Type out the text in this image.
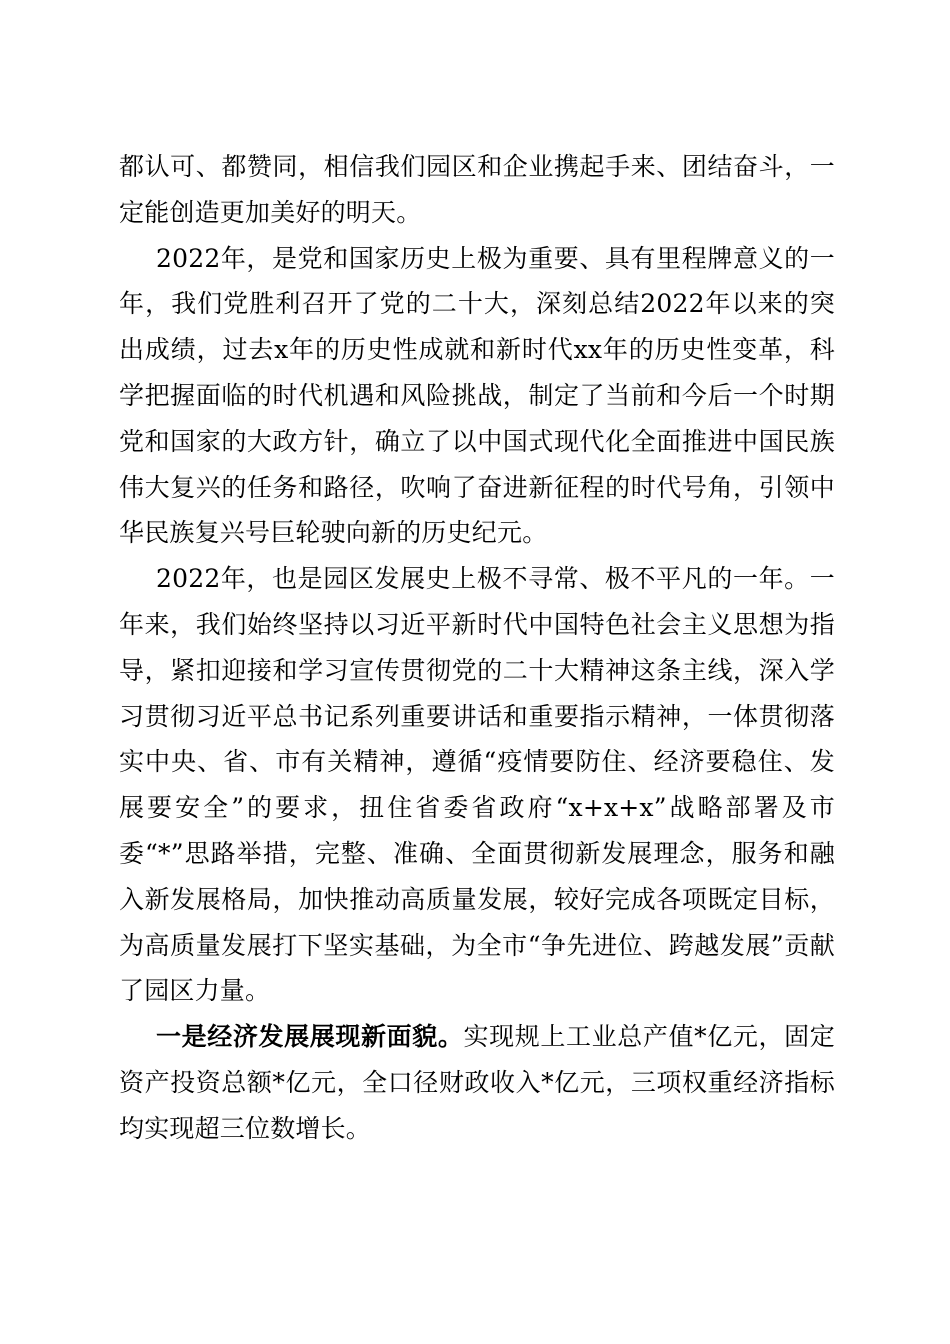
都认可、都赞同，相信我们园区和企业携起手来、团结奋斗，一定能创造更加美好的明天。

2022年，是党和国家历史上极为重要、具有里程牌意义的一年，我们党胜利召开了党的二十大，深刻总结2022年以来的突出成绩，过去x年的历史性成就和新时代xx年的历史性变革，科学把握面临的时代机遇和风险挑战，制定了当前和今后一个时期党和国家的大政方针，确立了以中国式现代化全面推进中国民族伟大复兴的任务和路径，吹响了奋进新征程的时代号角，引领中华民族复兴号巨轮驶向新的历史纪元。

2022年，也是园区发展史上极不寻常、极不平凡的一年。一年来，我们始终坚持以习近平新时代中国特色社会主义思想为指导，紧扣迎接和学习宣传贯彻党的二十大精神这条主线，深入学习贯彻习近平总书记系列重要讲话和重要指示精神，一体贯彻落实中央、省、市有关精神，遵循“疫情要防住、经济要稳住、发展要安全”的要求，扭住省委省政府“x+x+x”战略部署及市委“*”思路举措，完整、准确、全面贯彻新发展理念，服务和融入新发展格局，加快推动高质量发展，较好完成各项既定目标，为高质量发展打下坚实基础，为全市“争先进位、跨越发展”贡献了园区力量。

一是经济发展展现新面貌。实现规上工业总产值*亿元，固定资产投资总额*亿元，全口径财政收入*亿元，三项权重经济指标均实现超三位数增长。
